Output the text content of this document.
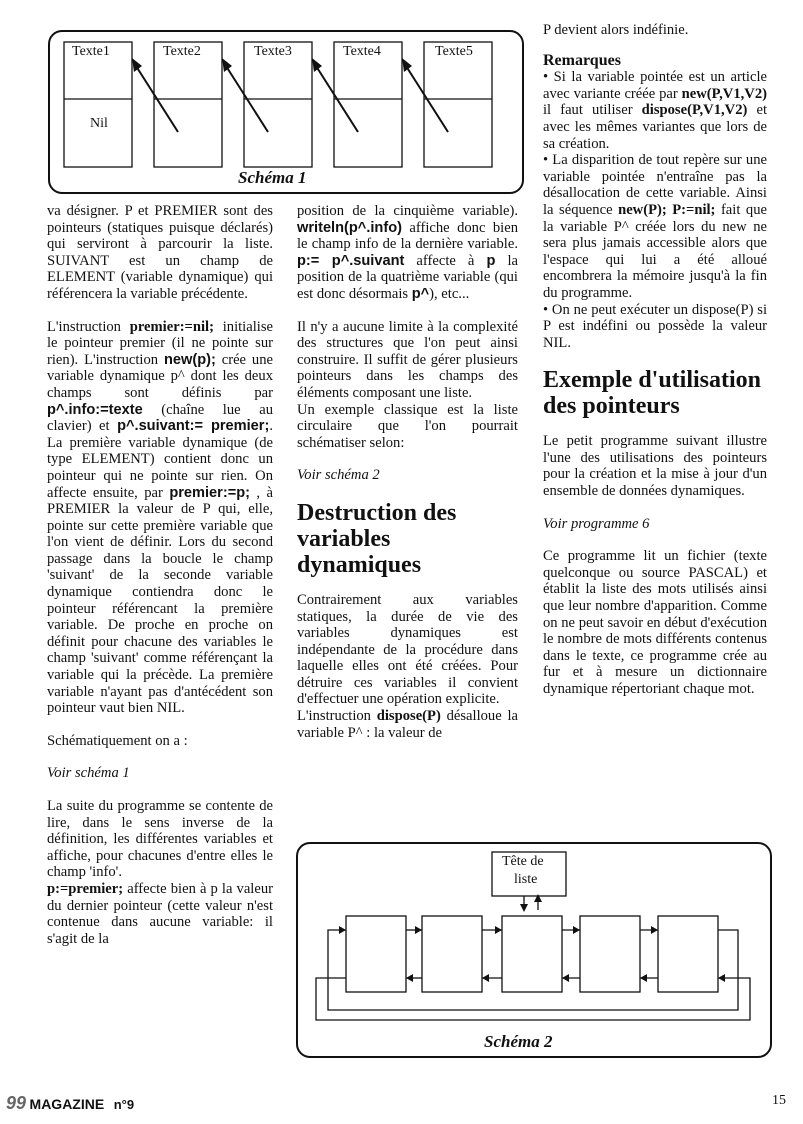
Texte1	Texte2	Texte3	Texte4	Texte5
Nil
Schéma 1

va désigner. P et PREMIER sont des pointeurs (statiques puisque déclarés) qui serviront à parcourir la liste. SUIVANT est un champ de ELEMENT (variable dynamique) qui référencera la variable précédente.

L'instruction premier:=nil; initialise le pointeur premier (il ne pointe sur rien). L'instruction new(p); crée une variable dynamique p^ dont les deux champs sont définis par p^.info:=texte (chaîne lue au clavier) et p^.suivant:= premier;. La première variable dynamique (de type ELEMENT) contient donc un pointeur qui ne pointe sur rien. On affecte ensuite, par premier:=p; , à PREMIER la valeur de P qui, elle, pointe sur cette première variable que l'on vient de définir. Lors du second passage dans la boucle le champ 'suivant' de la seconde variable dynamique contiendra donc le pointeur référencant la première variable. De proche en proche on définit pour chacune des variables le champ 'suivant' comme référençant la variable qui la précède. La première variable n'ayant pas d'antécédent son pointeur vaut bien NIL.

Schématiquement on a :

Voir schéma 1

La suite du programme se contente de lire, dans le sens inverse de la définition, les différentes variables et affiche, pour chacunes d'entre elles le champ 'info'.

p:=premier; affecte bien à p la valeur du dernier pointeur (cette valeur n'est contenue dans aucune variable: il s'agit de la

position de la cinquième variable). writeln(p^.info) affiche donc bien le champ info de la dernière variable. p:= p^.suivant affecte à p la position de la quatrième variable (qui est donc désormais p^), etc...

Il n'y a aucune limite à la complexité des structures que l'on peut ainsi construire. Il suffit de gérer plusieurs pointeurs dans les champs des éléments composant une liste.

Un exemple classique est la liste circulaire que l'on pourrait schématiser selon:

Voir schéma 2

Destruction des variables dynamiques

Contrairement aux variables statiques, la durée de vie des variables dynamiques est indépendante de la procédure dans laquelle elles ont été créées. Pour détruire ces variables il convient d'effectuer une opération explicite.

L'instruction dispose(P) désalloue la variable P^ : la valeur de

P devient alors indéfinie.

Remarques

• Si la variable pointée est un article avec variante créée par new(P,V1,V2) il faut utiliser dispose(P,V1,V2) et avec les mêmes variantes que lors de sa création.

• La disparition de tout repère sur une variable pointée n'entraîne pas la désallocation de cette variable. Ainsi la séquence new(P); P:=nil; fait que la variable P^ créée lors du new ne sera plus jamais accessible alors que l'espace qui lui a été alloué encombrera la mémoire jusqu'à la fin du programme.

• On ne peut exécuter un dispose(P) si P est indéfini ou possède la valeur NIL.

Exemple d'utilisation des pointeurs

Le petit programme suivant illustre l'une des utilisations des pointeurs pour la création et la mise à jour d'un ensemble de données dynamiques.

Voir programme 6

Ce programme lit un fichier (texte quelconque ou source PASCAL) et établit la liste des mots utilisés ainsi que leur nombre d'apparition. Comme on ne peut savoir en début d'exécution le nombre de mots différents contenus dans le texte, ce programme crée au fur et à mesure un dictionnaire dynamique répertoriant chaque mot.

Tête de
liste
Schéma 2
99 MAGAZINE n°9	15
